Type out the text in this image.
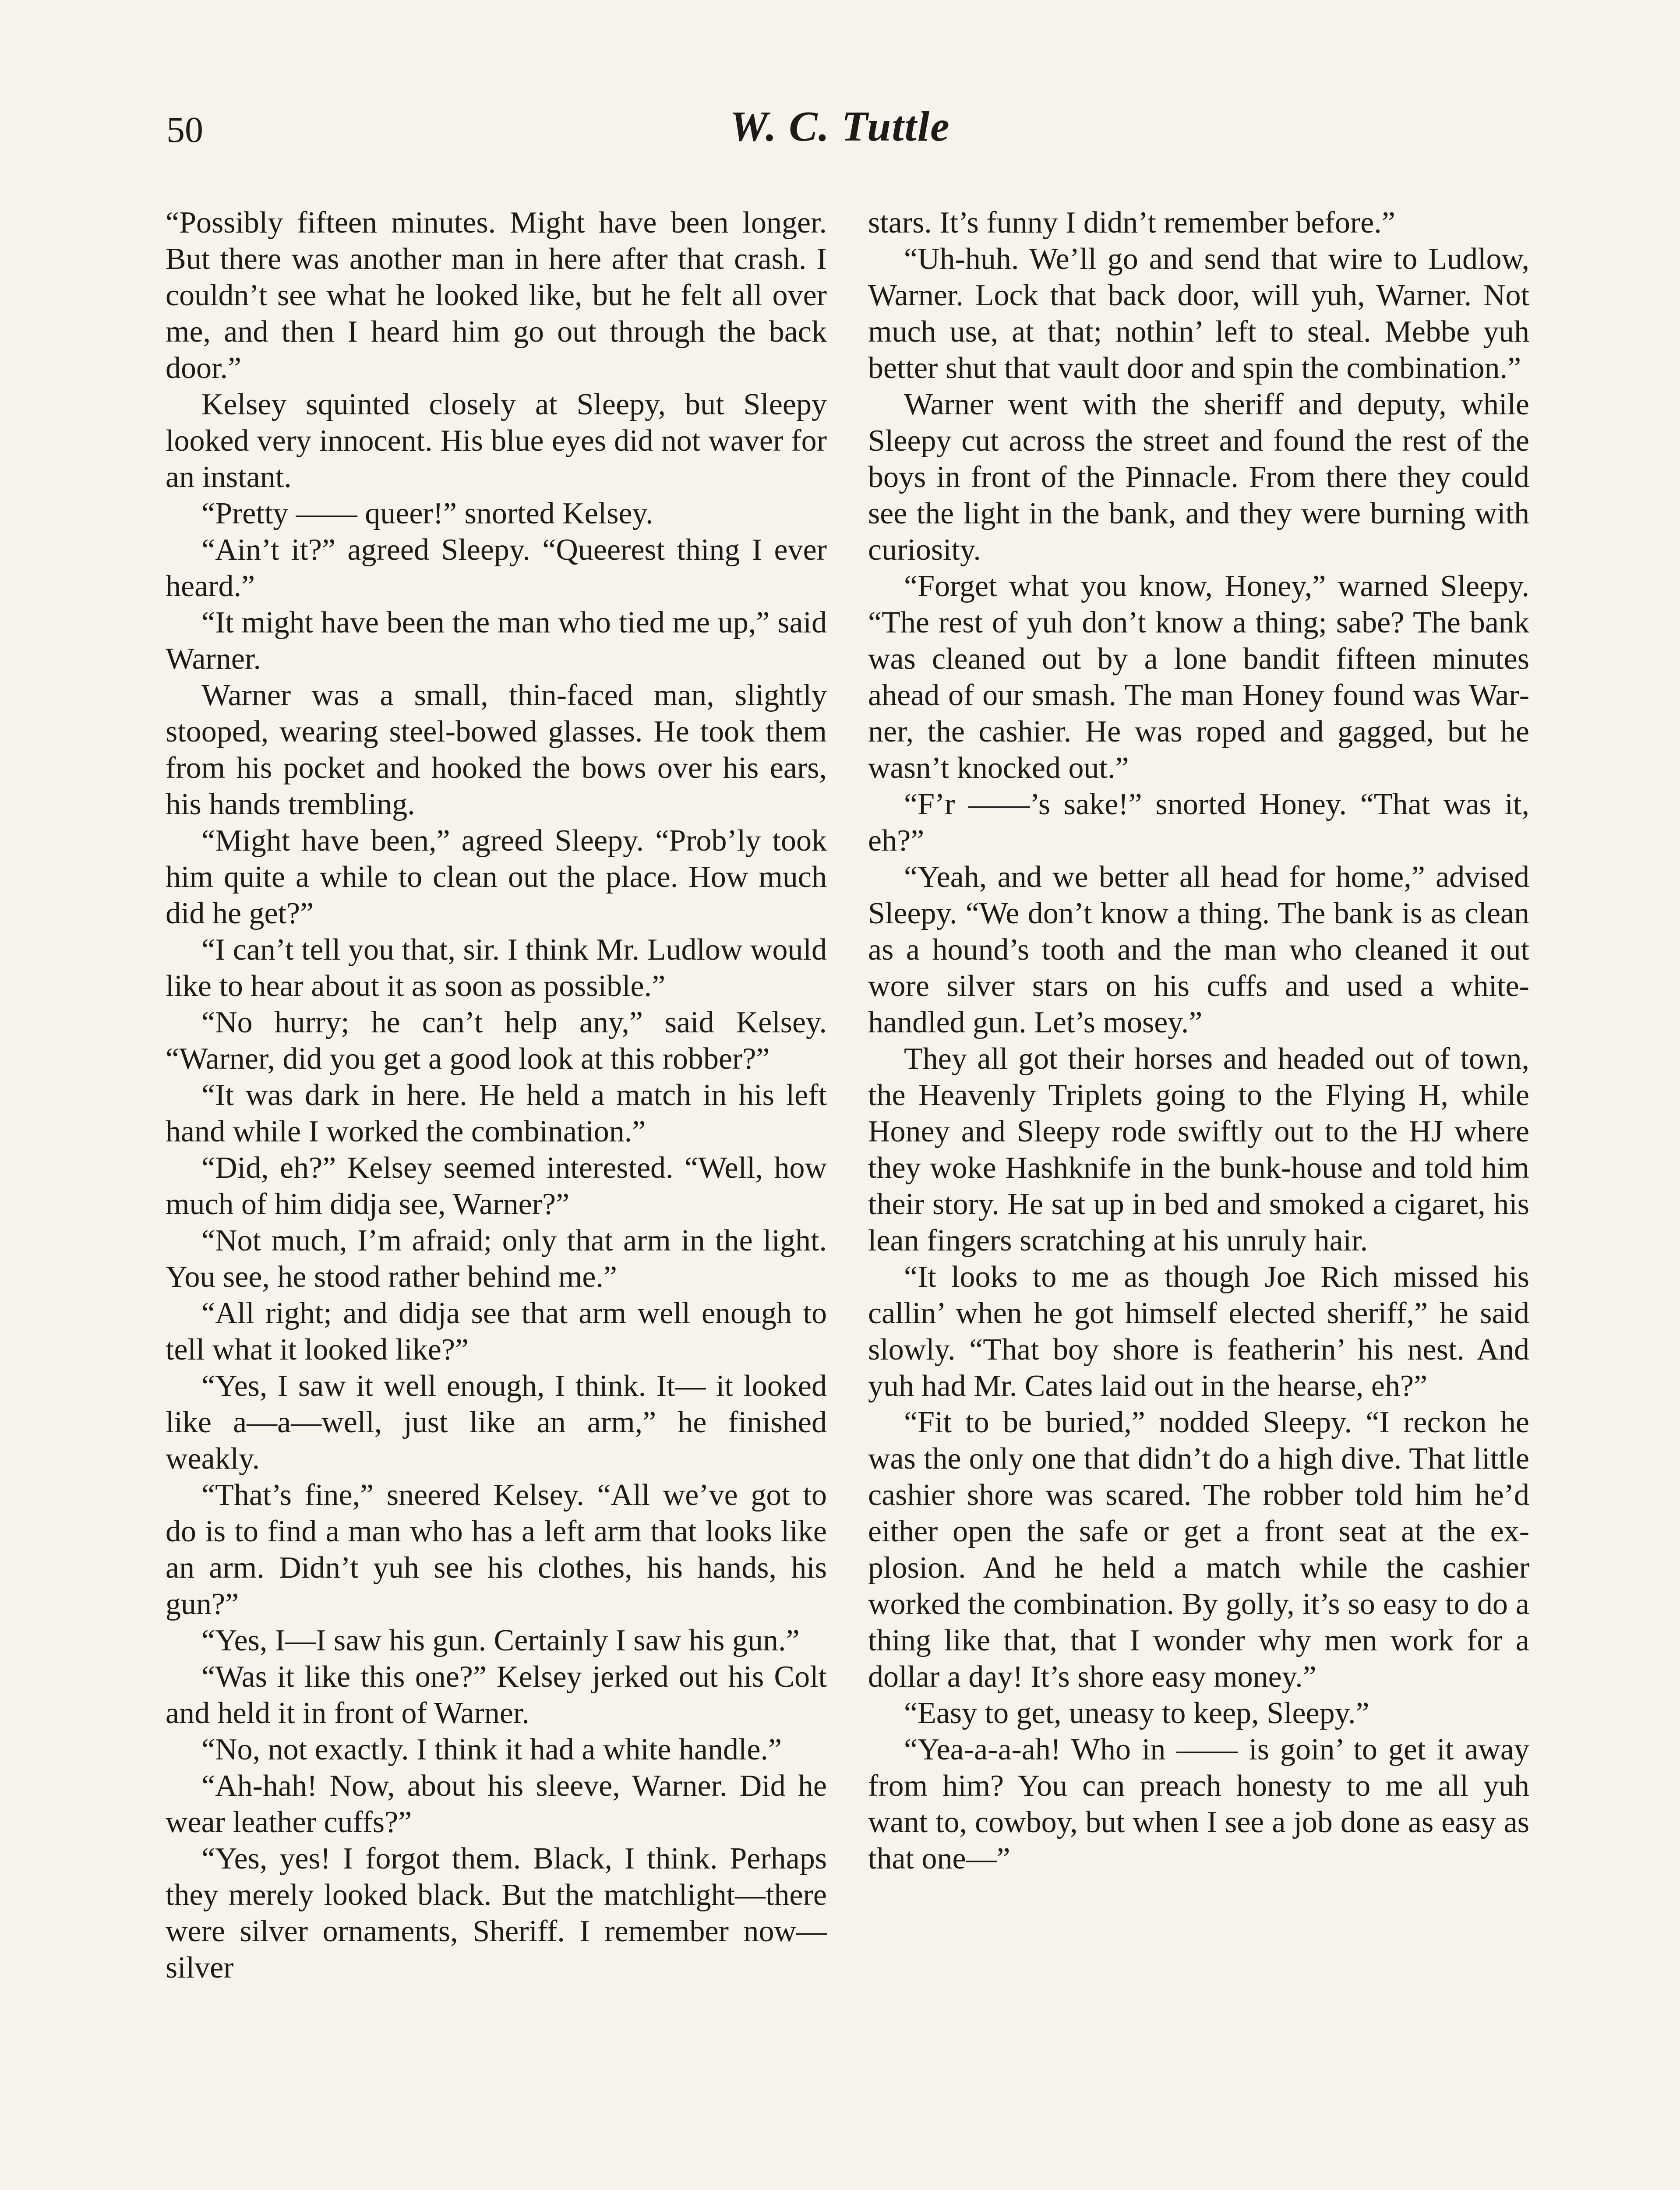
50	W. C. Tuttle

“Possibly fifteen minutes. Might have been longer. But there was another man in here after that crash. I couldn’t see what he looked like, but he felt all over me, and then I heard him go out through the back door.”

Kelsey squinted closely at Sleepy, but Sleepy looked very innocent. His blue eyes did not waver for an instant.

“Pretty —— queer!” snorted Kelsey.

“Ain’t it?” agreed Sleepy. “Queerest thing I ever heard.”

“It might have been the man who tied me up,” said Warner.

Warner was a small, thin-faced man, slightly stooped, wearing steel-bowed glasses. He took them from his pocket and hooked the bows over his ears, his hands trembling.

“Might have been,” agreed Sleepy. “Prob’ly took him quite a while to clean out the place. How much did he get?”

“I can’t tell you that, sir. I think Mr. Ludlow would like to hear about it as soon as possible.”

“No hurry; he can’t help any,” said Kelsey. “Warner, did you get a good look at this robber?”

“It was dark in here. He held a match in his left hand while I worked the combination.”

“Did, eh?” Kelsey seemed interested. “Well, how much of him didja see, Warner?”

“Not much, I’m afraid; only that arm in the light. You see, he stood rather behind me.”

“All right; and didja see that arm well enough to tell what it looked like?”

“Yes, I saw it well enough, I think. It— it looked like a—a—well, just like an arm,” he finished weakly.

“That’s fine,” sneered Kelsey. “All we’ve got to do is to find a man who has a left arm that looks like an arm. Didn’t yuh see his clothes, his hands, his gun?”

“Yes, I—I saw his gun. Certainly I saw his gun.”

“Was it like this one?” Kelsey jerked out his Colt and held it in front of Warner.

“No, not exactly. I think it had a white handle.”

“Ah-hah! Now, about his sleeve, Warner. Did he wear leather cuffs?”

“Yes, yes! I forgot them. Black, I think. Perhaps they merely looked black. But the matchlight—there were silver ornaments, Sheriff. I remember now—silver

stars. It’s funny I didn’t remember before.”

“Uh-huh. We’ll go and send that wire to Ludlow, Warner. Lock that back door, will yuh, Warner. Not much use, at that; nothin’ left to steal. Mebbe yuh better shut that vault door and spin the combination.”

Warner went with the sheriff and deputy, while Sleepy cut across the street and found the rest of the boys in front of the Pinnacle. From there they could see the light in the bank, and they were burning with curiosity.

“Forget what you know, Honey,” warned Sleepy. “The rest of yuh don’t know a thing; sabe? The bank was cleaned out by a lone bandit fifteen minutes ahead of our smash. The man Honey found was Warner, the cashier. He was roped and gagged, but he wasn’t knocked out.”

“F’r ——’s sake!” snorted Honey. “That was it, eh?”

“Yeah, and we better all head for home,” advised Sleepy. “We don’t know a thing. The bank is as clean as a hound’s tooth and the man who cleaned it out wore silver stars on his cuffs and used a white-handled gun. Let’s mosey.”

They all got their horses and headed out of town, the Heavenly Triplets going to the Flying H, while Honey and Sleepy rode swiftly out to the HJ where they woke Hashknife in the bunk-house and told him their story. He sat up in bed and smoked a cigaret, his lean fingers scratching at his unruly hair.

“It looks to me as though Joe Rich missed his callin’ when he got himself elected sheriff,” he said slowly. “That boy shore is featherin’ his nest. And yuh had Mr. Cates laid out in the hearse, eh?”

“Fit to be buried,” nodded Sleepy. “I reckon he was the only one that didn’t do a high dive. That little cashier shore was scared. The robber told him he’d either open the safe or get a front seat at the explosion. And he held a match while the cashier worked the combination. By golly, it’s so easy to do a thing like that, that I wonder why men work for a dollar a day! It’s shore easy money.”

“Easy to get, uneasy to keep, Sleepy.”

“Yea-a-a-ah! Who in —— is goin’ to get it away from him? You can preach honesty to me all yuh want to, cowboy, but when I see a job done as easy as that one—”
